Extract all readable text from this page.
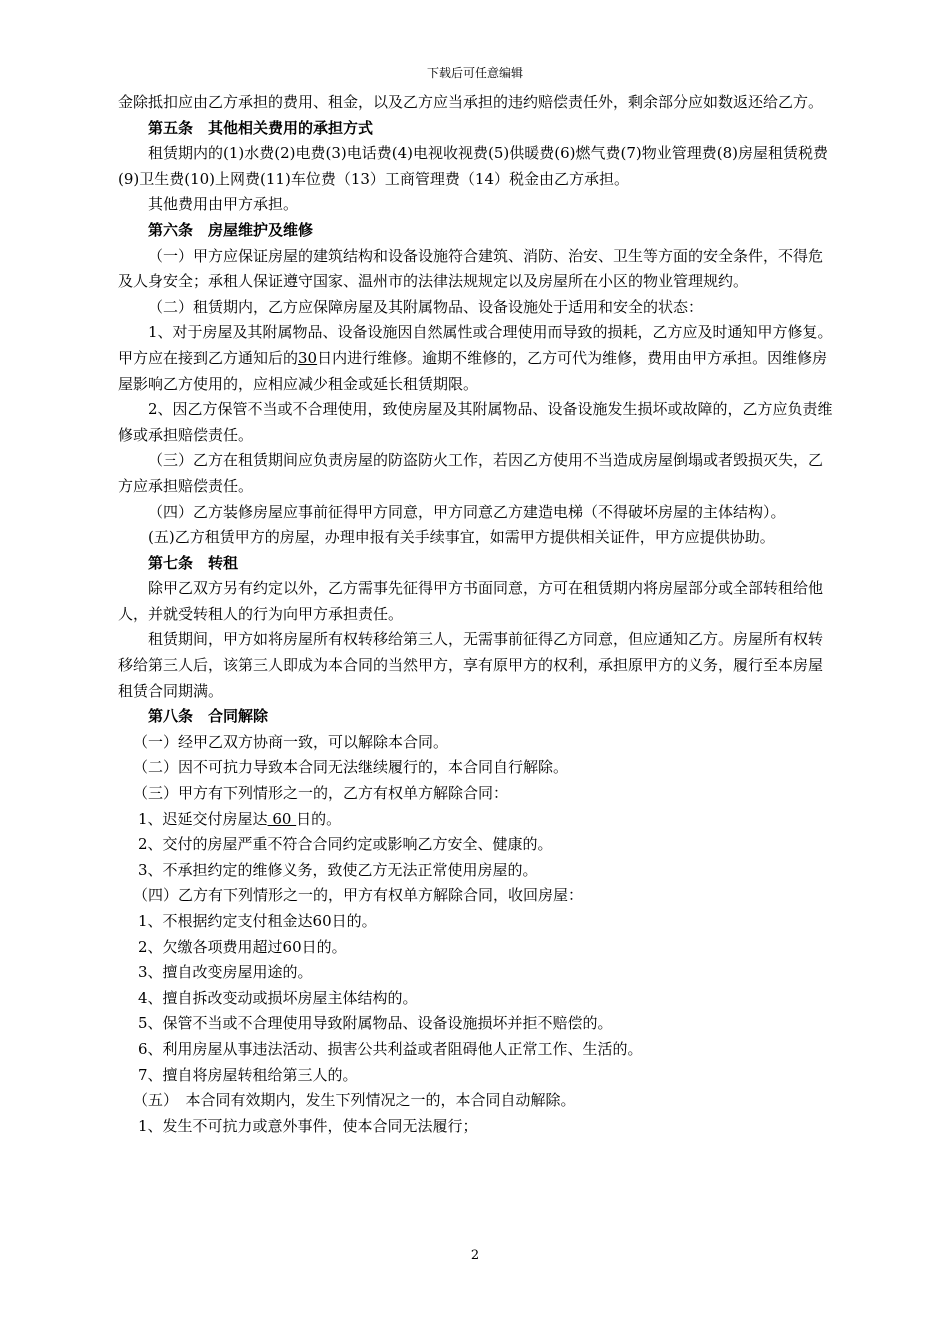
下载后可任意编辑

金除抵扣应由乙方承担的费用、租金，以及乙方应当承担的违约赔偿责任外，剩余部分应如数返还给乙方。

第五条　其他相关费用的承担方式

租赁期内的(1)水费(2)电费(3)电话费(4)电视收视费(5)供暖费(6)燃气费(7)物业管理费(8)房屋租赁税费(9)卫生费(10)上网费(11)车位费（13）工商管理费（14）税金由乙方承担。

其他费用由甲方承担。

第六条　房屋维护及维修

（一）甲方应保证房屋的建筑结构和设备设施符合建筑、消防、治安、卫生等方面的安全条件，不得危及人身安全；承租人保证遵守国家、温州市的法律法规规定以及房屋所在小区的物业管理规约。

（二）租赁期内，乙方应保障房屋及其附属物品、设备设施处于适用和安全的状态：

1、对于房屋及其附属物品、设备设施因自然属性或合理使用而导致的损耗，乙方应及时通知甲方修复。甲方应在接到乙方通知后的30日内进行维修。逾期不维修的，乙方可代为维修，费用由甲方承担。因维修房屋影响乙方使用的，应相应减少租金或延长租赁期限。

2、因乙方保管不当或不合理使用，致使房屋及其附属物品、设备设施发生损坏或故障的，乙方应负责维修或承担赔偿责任。

（三）乙方在租赁期间应负责房屋的防盗防火工作，若因乙方使用不当造成房屋倒塌或者毁损灭失，乙方应承担赔偿责任。

（四）乙方装修房屋应事前征得甲方同意，甲方同意乙方建造电梯（不得破坏房屋的主体结构）。

(五)乙方租赁甲方的房屋，办理申报有关手续事宜，如需甲方提供相关证件，甲方应提供协助。

第七条　转租

除甲乙双方另有约定以外，乙方需事先征得甲方书面同意，方可在租赁期内将房屋部分或全部转租给他人，并就受转租人的行为向甲方承担责任。

租赁期间，甲方如将房屋所有权转移给第三人，无需事前征得乙方同意，但应通知乙方。房屋所有权转移给第三人后，该第三人即成为本合同的当然甲方，享有原甲方的权利，承担原甲方的义务，履行至本房屋租赁合同期满。

第八条　合同解除

（一）经甲乙双方协商一致，可以解除本合同。

（二）因不可抗力导致本合同无法继续履行的，本合同自行解除。

（三）甲方有下列情形之一的，乙方有权单方解除合同：

1、迟延交付房屋达 60 日的。

2、交付的房屋严重不符合合同约定或影响乙方安全、健康的。

3、不承担约定的维修义务，致使乙方无法正常使用房屋的。

（四）乙方有下列情形之一的，甲方有权单方解除合同，收回房屋：

1、不根据约定支付租金达60日的。

2、欠缴各项费用超过60日的。

3、擅自改变房屋用途的。

4、擅自拆改变动或损坏房屋主体结构的。

5、保管不当或不合理使用导致附属物品、设备设施损坏并拒不赔偿的。

6、利用房屋从事违法活动、损害公共利益或者阻碍他人正常工作、生活的。

7、擅自将房屋转租给第三人的。

（五）　本合同有效期内，发生下列情况之一的，本合同自动解除。

1、发生不可抗力或意外事件，使本合同无法履行；

2
